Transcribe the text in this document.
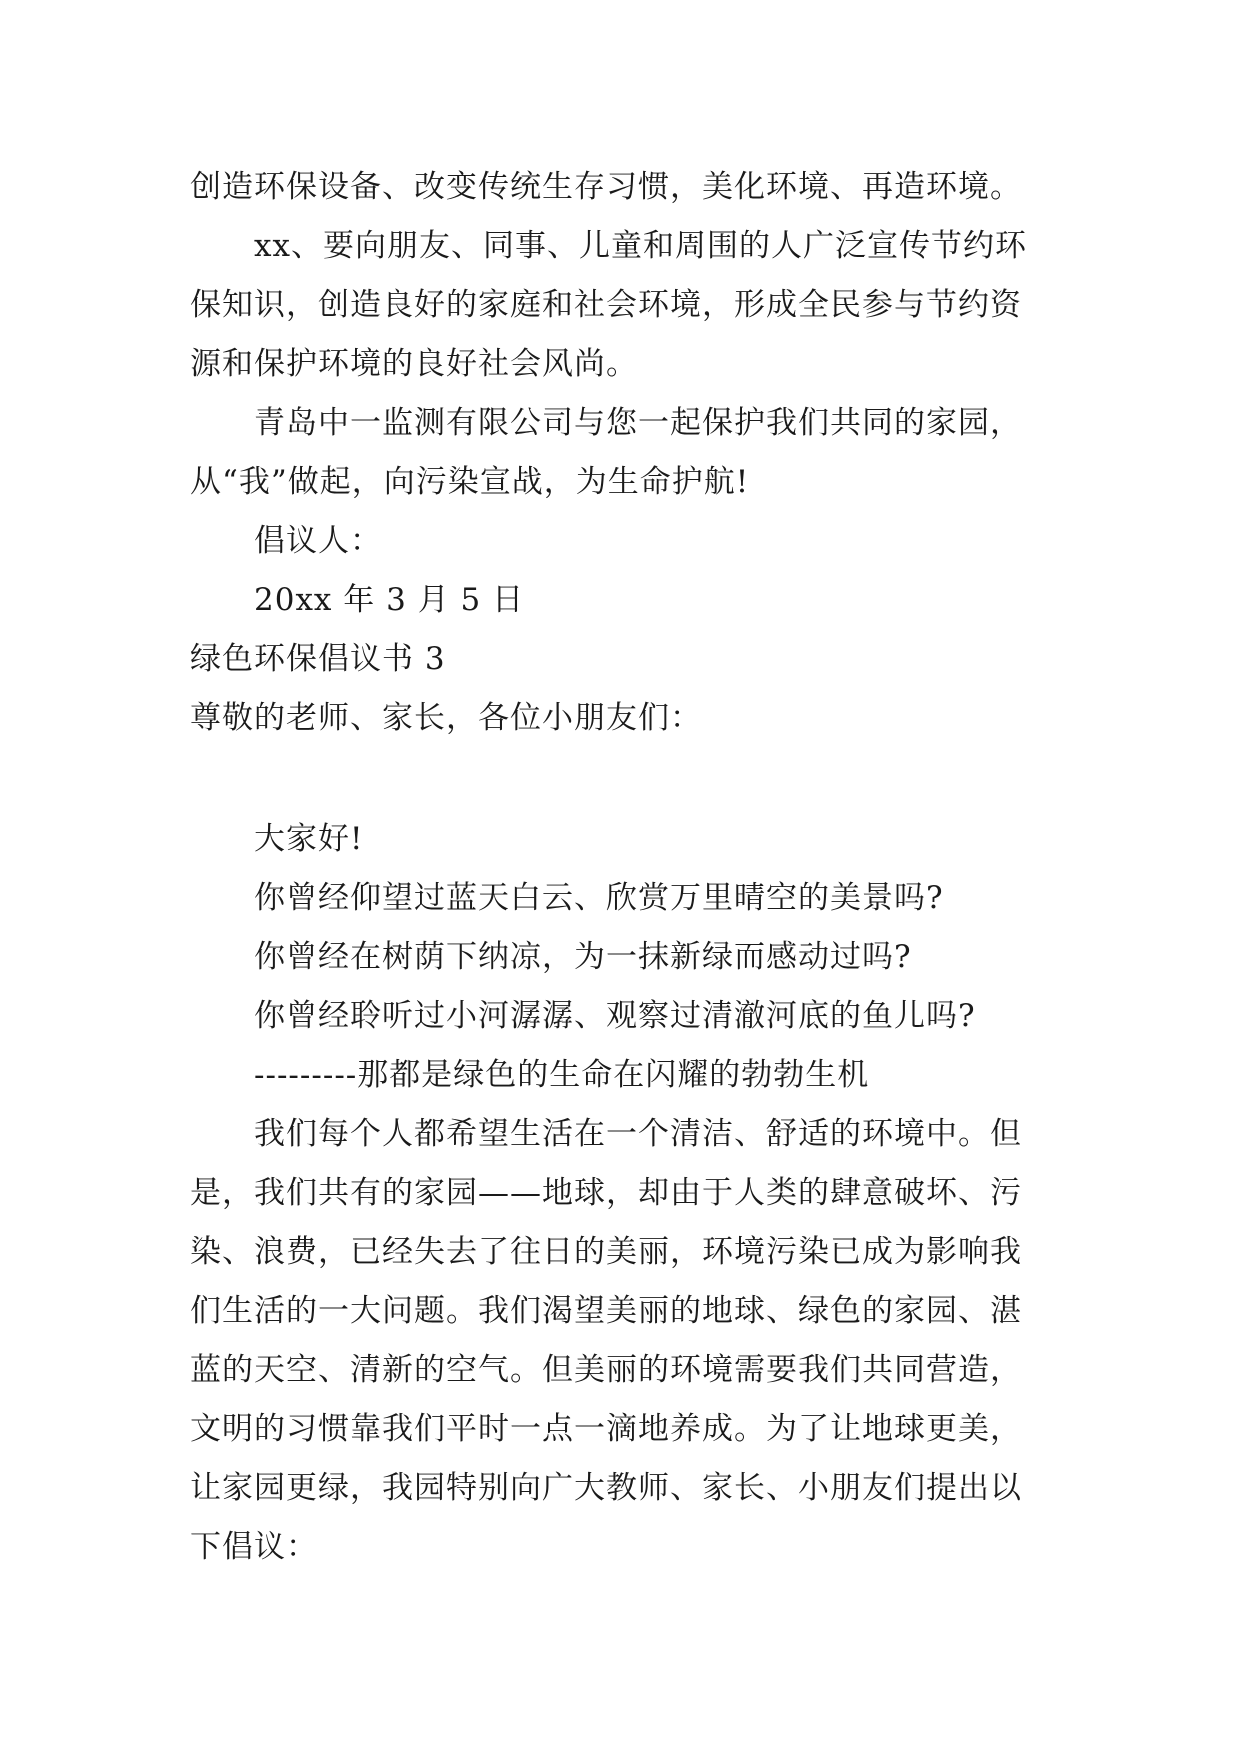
创造环保设备、改变传统生存习惯，美化环境、再造环境。

xx、要向朋友、同事、儿童和周围的人广泛宣传节约环

保知识，创造良好的家庭和社会环境，形成全民参与节约资

源和保护环境的良好社会风尚。

青岛中一监测有限公司与您一起保护我们共同的家园，

从“我”做起，向污染宣战，为生命护航!

倡议人：

20xx 年 3 月 5 日

绿色环保倡议书 3

尊敬的老师、家长，各位小朋友们：

大家好!

你曾经仰望过蓝天白云、欣赏万里晴空的美景吗?

你曾经在树荫下纳凉，为一抹新绿而感动过吗?

你曾经聆听过小河潺潺、观察过清澈河底的鱼儿吗?

---------那都是绿色的生命在闪耀的勃勃生机

我们每个人都希望生活在一个清洁、舒适的环境中。但

是，我们共有的家园——地球，却由于人类的肆意破坏、污

染、浪费，已经失去了往日的美丽，环境污染已成为影响我

们生活的一大问题。我们渴望美丽的地球、绿色的家园、湛

蓝的天空、清新的空气。但美丽的环境需要我们共同营造，

文明的习惯靠我们平时一点一滴地养成。为了让地球更美，

让家园更绿，我园特别向广大教师、家长、小朋友们提出以

下倡议：
